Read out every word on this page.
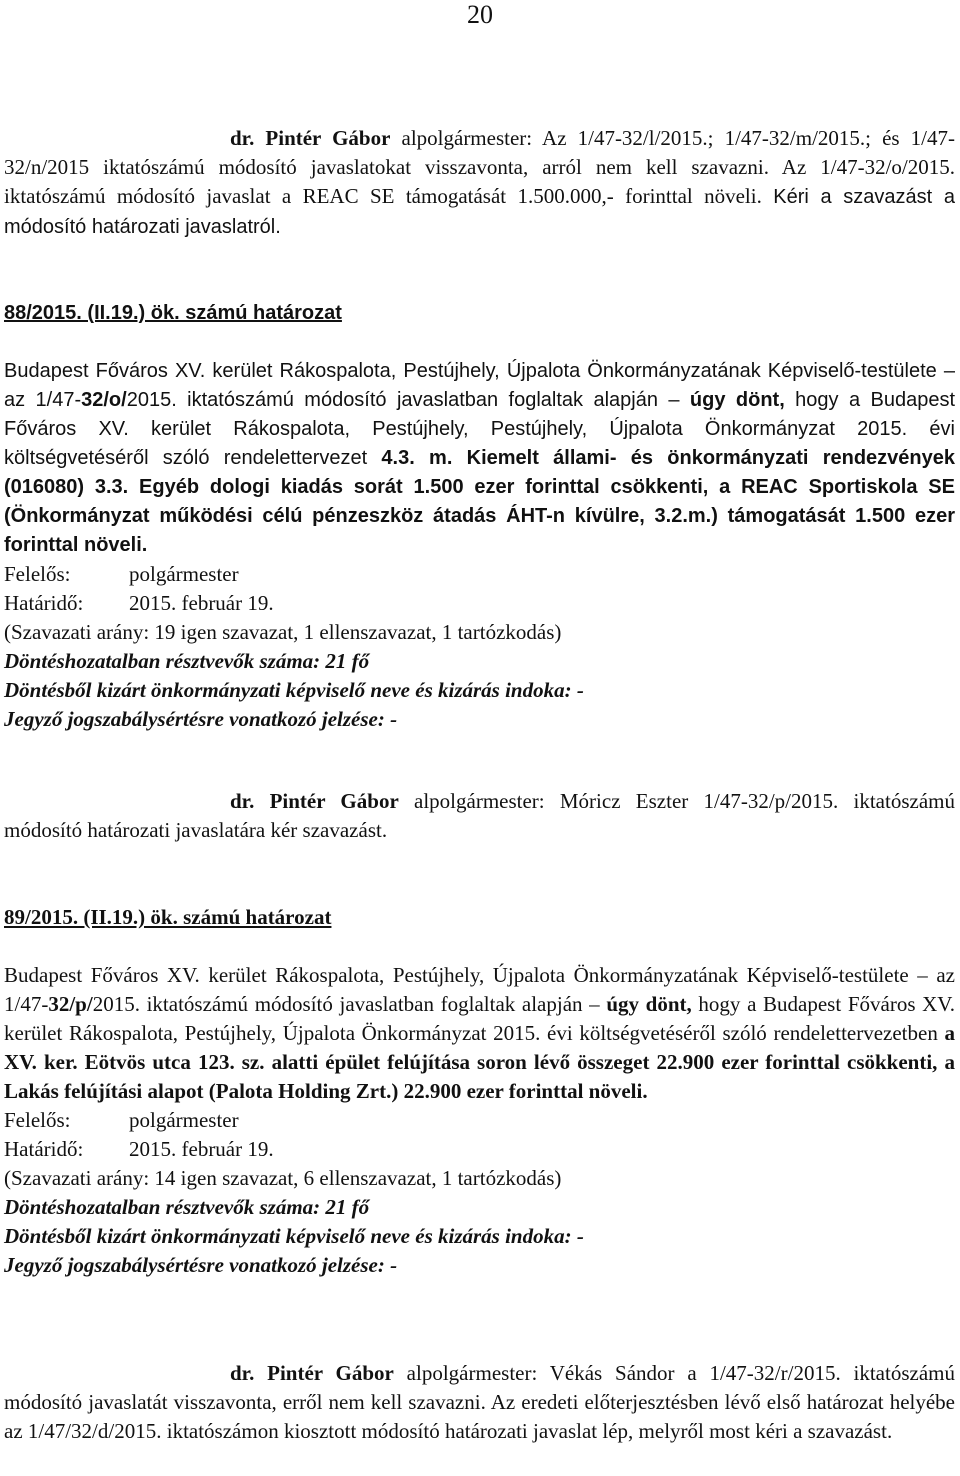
20

dr. Pintér Gábor alpolgármester: Az 1/47-32/l/2015.; 1/47-32/m/2015.; és 1/47-32/n/2015 iktatószámú módosító javaslatokat visszavonta, arról nem kell szavazni. Az 1/47-32/o/2015. iktatószámú módosító javaslat a REAC SE támogatását 1.500.000,- forinttal növeli. Kéri a szavazást a módosító határozati javaslatról.

88/2015. (II.19.) ök. számú határozat

Budapest Főváros XV. kerület Rákospalota, Pestújhely, Újpalota Önkormányzatának Képviselő-testülete – az 1/47-32/o/2015. iktatószámú módosító javaslatban foglaltak alapján – úgy dönt, hogy a Budapest Főváros XV. kerület Rákospalota, Pestújhely, Pestújhely, Újpalota Önkormányzat 2015. évi költségvetéséről szóló rendelettervezet 4.3. m. Kiemelt állami- és önkormányzati rendezvények (016080) 3.3. Egyéb dologi kiadás sorát 1.500 ezer forinttal csökkenti, a REAC Sportiskola SE (Önkormányzat működési célú pénzeszköz átadás ÁHT-n kívülre, 3.2.m.) támogatását 1.500 ezer forinttal növeli.

Felelős:	polgármester

Határidő: 2015. február 19.

(Szavazati arány: 19 igen szavazat, 1 ellenszavazat, 1 tartózkodás)

Döntéshozatalban résztvevők száma: 21 fő

Döntésből kizárt önkormányzati képviselő neve és kizárás indoka: -

Jegyző jogszabálysértésre vonatkozó jelzése: -

dr. Pintér Gábor alpolgármester: Móricz Eszter 1/47-32/p/2015. iktatószámú módosító határozati javaslatára kér szavazást.

89/2015. (II.19.) ök. számú határozat

Budapest Főváros XV. kerület Rákospalota, Pestújhely, Újpalota Önkormányzatának Képviselő-testülete – az 1/47-32/p/2015. iktatószámú módosító javaslatban foglaltak alapján – úgy dönt, hogy a Budapest Főváros XV. kerület Rákospalota, Pestújhely, Újpalota Önkormányzat 2015. évi költségvetéséről szóló rendelettervezetben a XV. ker. Eötvös utca 123. sz. alatti épület felújítása soron lévő összeget 22.900 ezer forinttal csökkenti, a Lakás felújítási alapot (Palota Holding Zrt.) 22.900 ezer forinttal növeli.

Felelős:	polgármester

Határidő: 2015. február 19.

(Szavazati arány: 14 igen szavazat, 6 ellenszavazat, 1 tartózkodás)

Döntéshozatalban résztvevők száma: 21 fő

Döntésből kizárt önkormányzati képviselő neve és kizárás indoka: -

Jegyző jogszabálysértésre vonatkozó jelzése: -

dr. Pintér Gábor alpolgármester: Vékás Sándor a 1/47-32/r/2015. iktatószámú módosító javaslatát visszavonta, erről nem kell szavazni. Az eredeti előterjesztésben lévő első határozat helyébe az 1/47/32/d/2015. iktatószámon kiosztott módosító határozati javaslat lép, melyről most kéri a szavazást.
